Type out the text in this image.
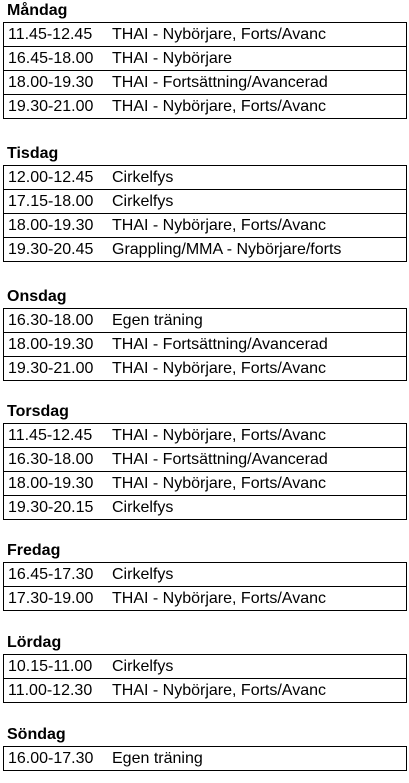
Måndag
11.45-12.45	THAI - Nybörjare, Forts/Avanc
16.45-18.00	THAI - Nybörjare
18.00-19.30	THAI - Fortsättning/Avancerad
19.30-21.00	THAI - Nybörjare, Forts/Avanc
Tisdag
12.00-12.45	Cirkelfys
17.15-18.00	Cirkelfys
18.00-19.30	THAI - Nybörjare, Forts/Avanc
19.30-20.45	Grappling/MMA - Nybörjare/forts
Onsdag
16.30-18.00	Egen träning
18.00-19.30	THAI - Fortsättning/Avancerad
19.30-21.00	THAI - Nybörjare, Forts/Avanc
Torsdag
11.45-12.45	THAI - Nybörjare, Forts/Avanc
16.30-18.00	THAI - Fortsättning/Avancerad
18.00-19.30	THAI - Nybörjare, Forts/Avanc
19.30-20.15	Cirkelfys
Fredag
16.45-17.30	Cirkelfys
17.30-19.00	THAI - Nybörjare, Forts/Avanc
Lördag
10.15-11.00	Cirkelfys
11.00-12.30	THAI - Nybörjare, Forts/Avanc
Söndag
16.00-17.30	Egen träning
